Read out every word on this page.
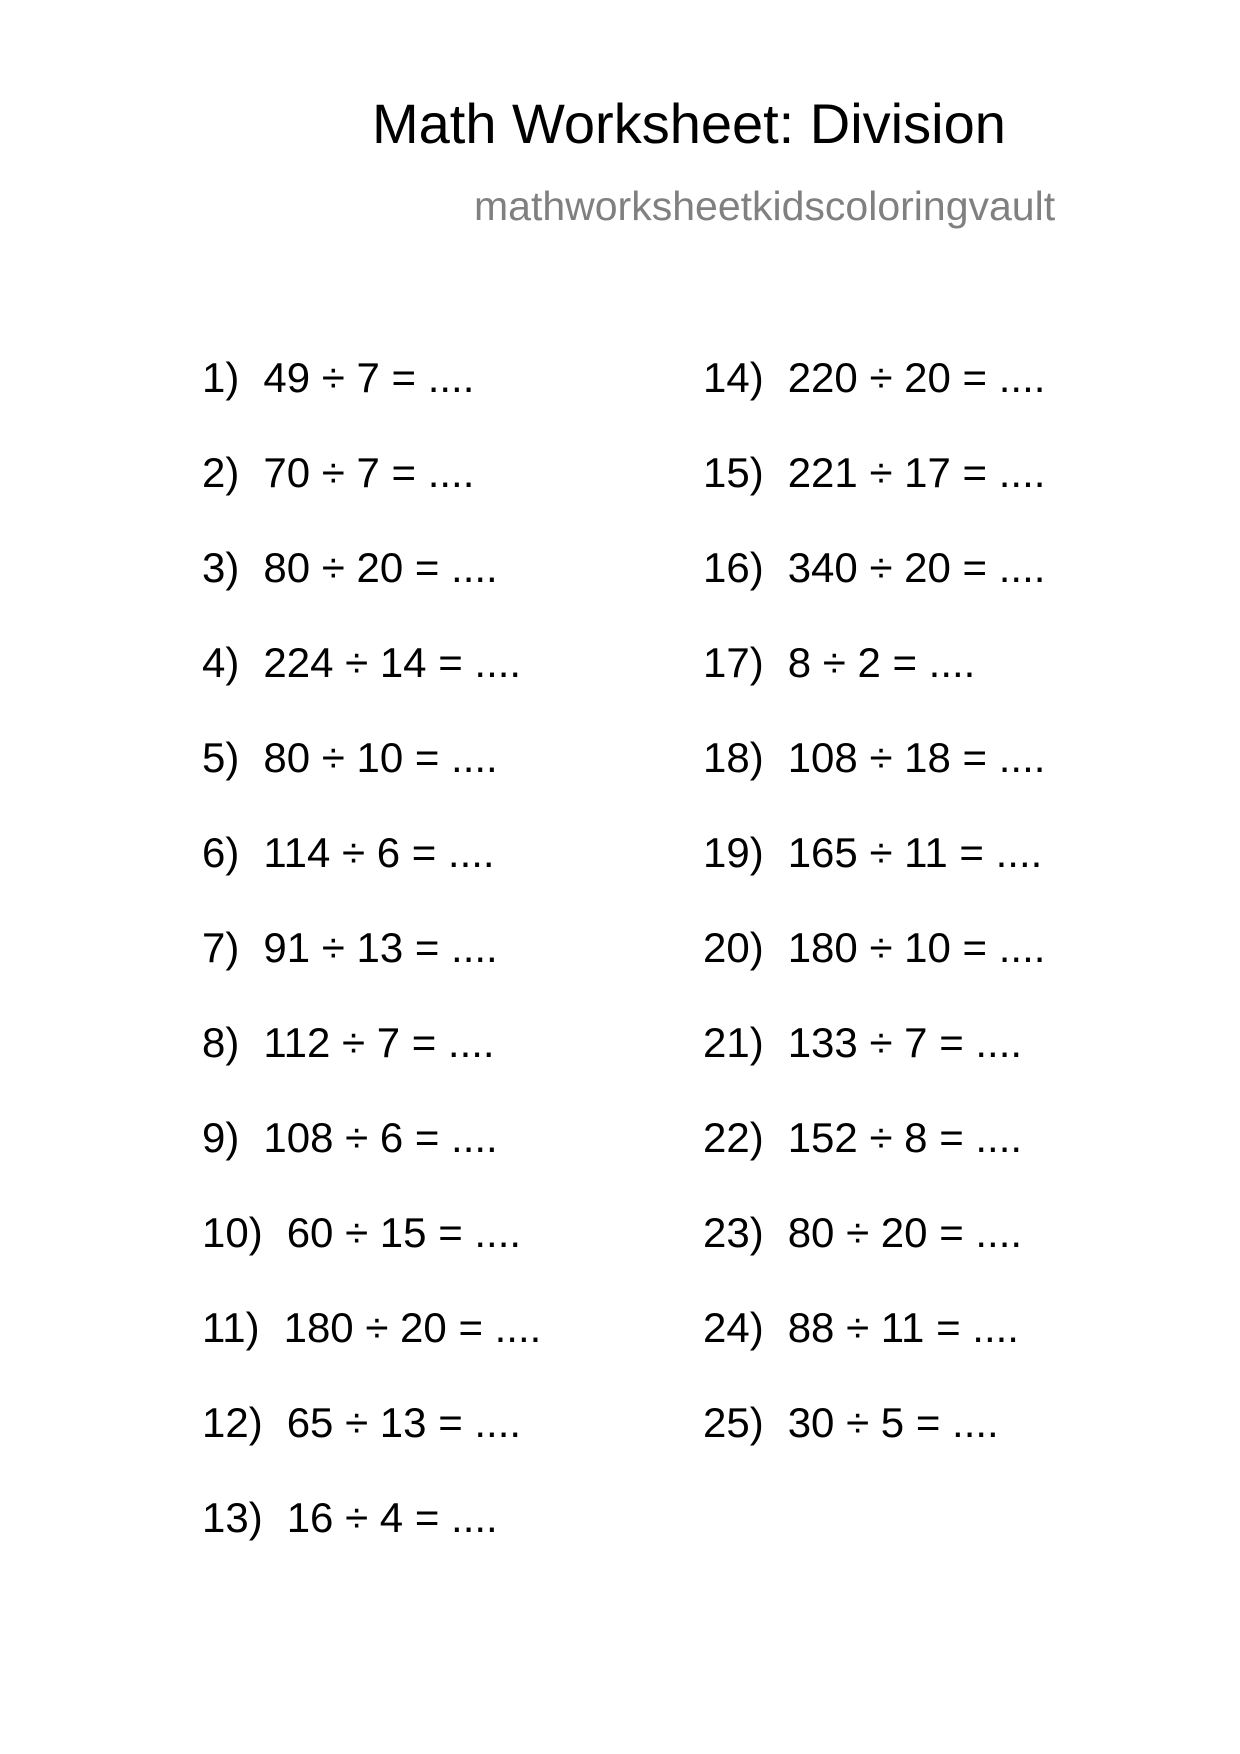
Math Worksheet: Division
mathworksheetkidscoloringvault
1) 49 ÷ 7 = ....
2) 70 ÷ 7 = ....
3) 80 ÷ 20 = ....
4) 224 ÷ 14 = ....
5) 80 ÷ 10 = ....
6) 114 ÷ 6 = ....
7) 91 ÷ 13 = ....
8) 112 ÷ 7 = ....
9) 108 ÷ 6 = ....
10) 60 ÷ 15 = ....
11) 180 ÷ 20 = ....
12) 65 ÷ 13 = ....
13) 16 ÷ 4 = ....
14) 220 ÷ 20 = ....
15) 221 ÷ 17 = ....
16) 340 ÷ 20 = ....
17) 8 ÷ 2 = ....
18) 108 ÷ 18 = ....
19) 165 ÷ 11 = ....
20) 180 ÷ 10 = ....
21) 133 ÷ 7 = ....
22) 152 ÷ 8 = ....
23) 80 ÷ 20 = ....
24) 88 ÷ 11 = ....
25) 30 ÷ 5 = ....
